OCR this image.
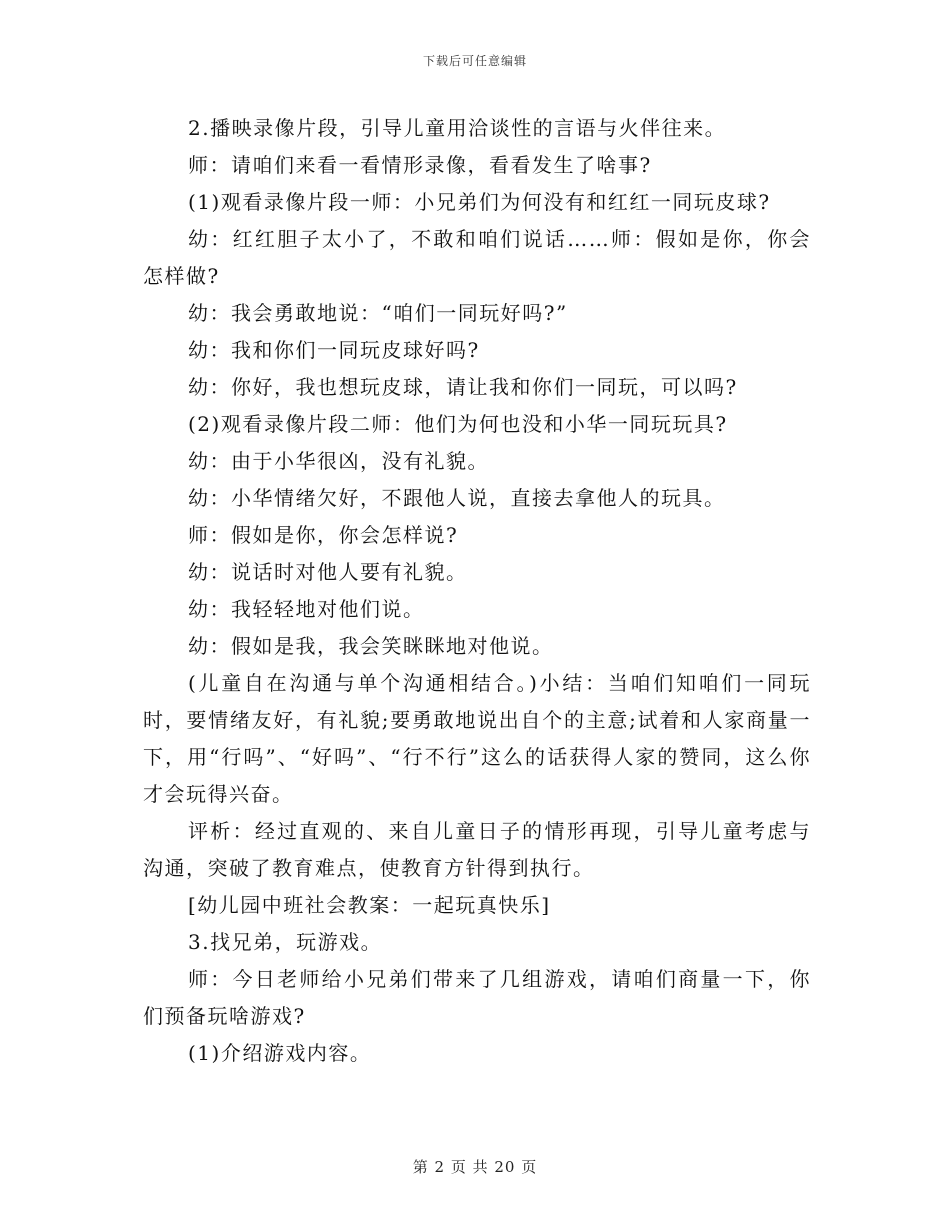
下载后可任意编辑

2.播映录像片段，引导儿童用洽谈性的言语与火伴往来。

师：请咱们来看一看情形录像，看看发生了啥事?

(1)观看录像片段一师：小兄弟们为何没有和红红一同玩皮球?

幼：红红胆子太小了，不敢和咱们说话……师：假如是你，你会怎样做?

幼：我会勇敢地说：“咱们一同玩好吗?”

幼：我和你们一同玩皮球好吗?

幼：你好，我也想玩皮球，请让我和你们一同玩，可以吗?

(2)观看录像片段二师：他们为何也没和小华一同玩玩具?

幼：由于小华很凶，没有礼貌。

幼：小华情绪欠好，不跟他人说，直接去拿他人的玩具。

师：假如是你，你会怎样说?

幼：说话时对他人要有礼貌。

幼：我轻轻地对他们说。

幼：假如是我，我会笑眯眯地对他说。

(儿童自在沟通与单个沟通相结合。)小结：当咱们知咱们一同玩时，要情绪友好，有礼貌;要勇敢地说出自个的主意;试着和人家商量一下，用“行吗”、“好吗”、“行不行”这么的话获得人家的赞同，这么你才会玩得兴奋。

评析：经过直观的、来自儿童日子的情形再现，引导儿童考虑与沟通，突破了教育难点，使教育方针得到执行。

[幼儿园中班社会教案：一起玩真快乐]

3.找兄弟，玩游戏。

师：今日老师给小兄弟们带来了几组游戏，请咱们商量一下，你们预备玩啥游戏?

(1)介绍游戏内容。

第 2 页 共 20 页
